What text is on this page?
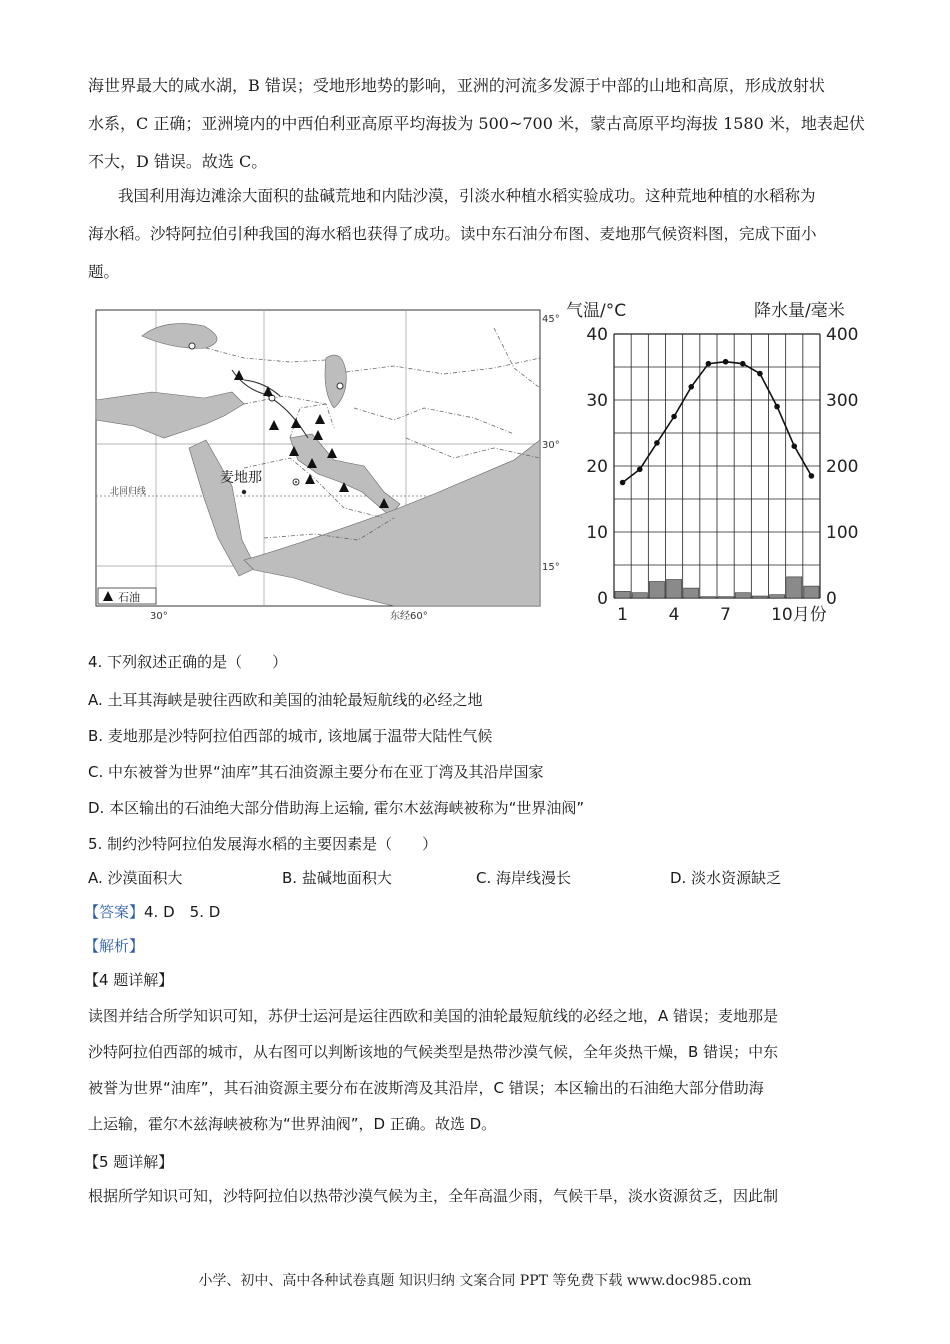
海世界最大的咸水湖，B 错误；受地形地势的影响，亚洲的河流多发源于中部的山地和高原，形成放射状
水系，C 正确；亚洲境内的中西伯利亚高原平均海拔为 500~700 米，蒙古高原平均海拔 1580 米，地表起伏
不大，D 错误。故选 C。
我国利用海边滩涂大面积的盐碱荒地和内陆沙漠，引淡水种植水稻实验成功。这种荒地种植的水稻称为
海水稻。沙特阿拉伯引种我国的海水稻也获得了成功。读中东石油分布图、麦地那气候资料图，完成下面小
题。
45°
30°
15°
30°	东经60°
北回归线
麦地那
石油
气温/°C	降水量/毫米
0
10
20
30
40
0
100
200
300
400
1 4 7 10月份
4. 下列叙述正确的是（　　）
A. 土耳其海峡是驶往西欧和美国的油轮最短航线的必经之地
B. 麦地那是沙特阿拉伯西部的城市, 该地属于温带大陆性气候
C. 中东被誉为世界“油库”其石油资源主要分布在亚丁湾及其沿岸国家
D. 本区输出的石油绝大部分借助海上运输, 霍尔木兹海峡被称为“世界油阀”
5. 制约沙特阿拉伯发展海水稻的主要因素是（　　）
A. 沙漠面积大	B. 盐碱地面积大	C. 海岸线漫长	D. 淡水资源缺乏
【答案】4. D　5. D
【解析】
【4 题详解】
读图并结合所学知识可知，苏伊士运河是运往西欧和美国的油轮最短航线的必经之地，A 错误；麦地那是
沙特阿拉伯西部的城市，从右图可以判断该地的气候类型是热带沙漠气候，全年炎热干燥，B 错误；中东
被誉为世界“油库”，其石油资源主要分布在波斯湾及其沿岸，C 错误；本区输出的石油绝大部分借助海
上运输，霍尔木兹海峡被称为“世界油阀”，D 正确。故选 D。
【5 题详解】
根据所学知识可知，沙特阿拉伯以热带沙漠气候为主，全年高温少雨，气候干旱，淡水资源贫乏，因此制
小学、初中、高中各种试卷真题 知识归纳 文案合同 PPT 等免费下载 www.doc985.com
